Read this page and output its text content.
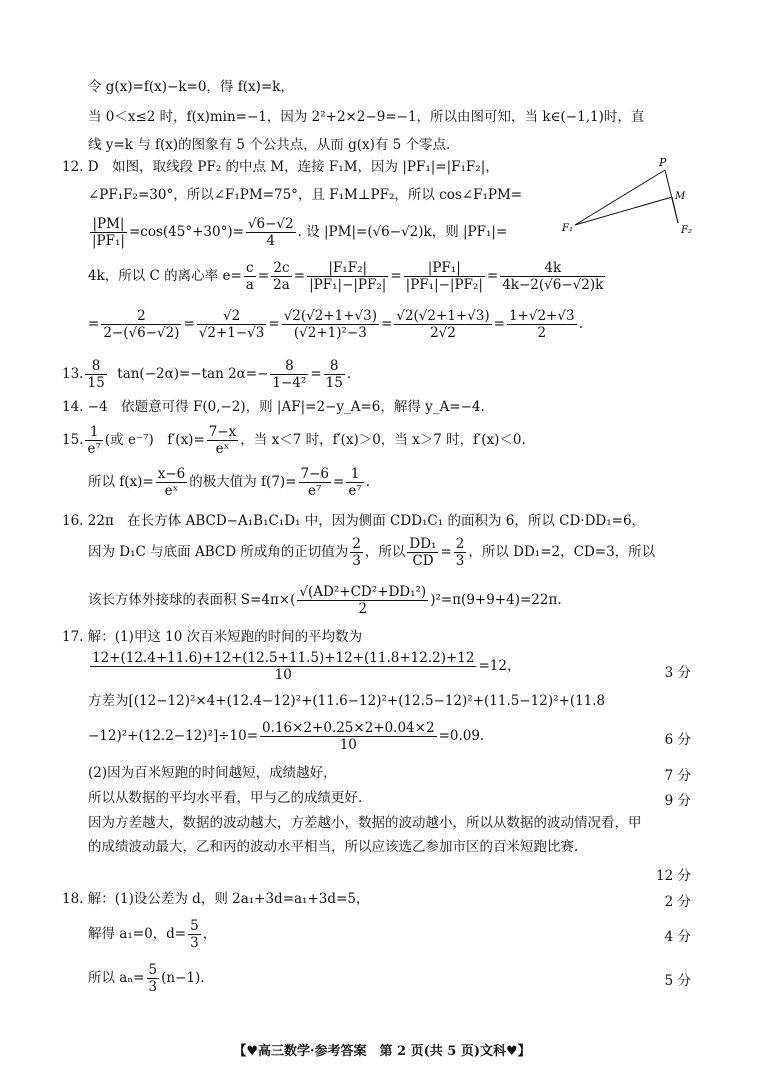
令 g(x)=f(x)−k=0，得 f(x)=k，
当 0＜x≤2 时，f(x)min=−1，因为 2²+2×2−9=−1，所以由图可知，当 k∈(−1,1)时，直
线 y=k 与 f(x)的图象有 5 个公共点，从而 g(x)有 5 个零点.
12. D　如图，取线段 PF₂ 的中点 M，连接 F₁M，因为 |PF₁|=|F₁F₂|，
∠PF₁F₂=30°，所以∠F₁PM=75°，且 F₁M⊥PF₂，所以 cos∠F₁PM=
$\frac{|PM|}{\text{|PF₁|}} =\cos(45^\circ+30^\circ)= \frac{√6-√2}{4}$ . 设 |PM|=(√6−√2)k，则 |PF₁|=
P
M
F₁	F₂
4k，所以 C 的离心率 $e= \frac{c}{a} = \frac{2c}{2a} = \frac{\text{|F₁F₂|}}{\text{|PF₁|−|PF₂|}} = \frac{\text{|PF₁|}}{\text{|PF₁|−|PF₂|}} = \frac{4k}{4k-2(√6-√2)k}$
= $\frac{2}{2-(√6-√2)} = \frac{√2}{√2+1-√3} = \frac{√2(√2+1+√3)}{\text{(√2+1)²−3}} = \frac{√2(√2+1+√3)}{2√2} = \frac{1+√2+√3}{2}$ .
13. $\frac{8}{15} \tan(-2\alpha)=-\tan$ $2\alpha=- \frac{8}{\text{1−4²}} = \frac{8}{15}$ .
14. −4　依题意可得 F(0,−2)，则 |AF|=2−y_A=6，解得 y_A=−4.
15. $\frac{1}{\text{e⁷}}$ (或 e⁻⁷)　$f'(x)= \frac{7-x}{\text{eˣ}}$ ，当 x＜7 时，f′(x)＞0，当 x＞7 时，f′(x)＜0.
所以 $f(x)= \frac{x-6}{\text{eˣ}}$ 的极大值为 $f(7)= \frac{7-6}{\text{e⁷}} = \frac{1}{\text{e⁷}}$ .
16. 22π　在长方体 ABCD−A₁B₁C₁D₁ 中，因为侧面 CDD₁C₁ 的面积为 6，所以 CD·DD₁=6，
因为 D₁C 与底面 ABCD 所成角的正切值为 $\frac{2}{3}$ ，所以 $\frac{\text{DD₁}}{CD} = \frac{2}{3}$ ，所以 DD₁=2，CD=3，所以
该长方体外接球的表面积 $S=4\pi\times( \frac{\text{√(AD²+CD²+DD₁²)}}{2} )^2=\pi(9+9+4)=22\pi$.
17. 解：(1)甲这 10 次百米短跑的时间的平均数为
$\frac{12+(12.4+11.6)+12+(12.5+11.5)+12+(11.8+12.2)+12}{10} =12$，	3 分
方差为[(12−12)²×4+(12.4−12)²+(11.6−12)²+(12.5−12)²+(11.5−12)²+(11.8
$-12)^2+(12.2-12)^2]\div 10= \frac{0.16\times 2+0.25\times 2+0.04\times 2}{10} =0.09$.	6 分
(2)因为百米短跑的时间越短，成绩越好，	7 分
所以从数据的平均水平看，甲与乙的成绩更好.	9 分
因为方差越大，数据的波动越大，方差越小，数据的波动越小，所以从数据的波动情况看，甲
的成绩波动最大，乙和丙的波动水平相当，所以应该选乙参加市区的百米短跑比赛.
12 分
18. 解：(1)设公差为 d，则 2a₁+3d=a₁+3d=5，	2 分
解得 a₁=0，$d= \frac{5}{3}$ ，	4 分
所以 $a_n= \frac{5}{3} (n-1)$.	5 分
【♥高三数学·参考答案　第 2 页(共 5 页)文科♥】
